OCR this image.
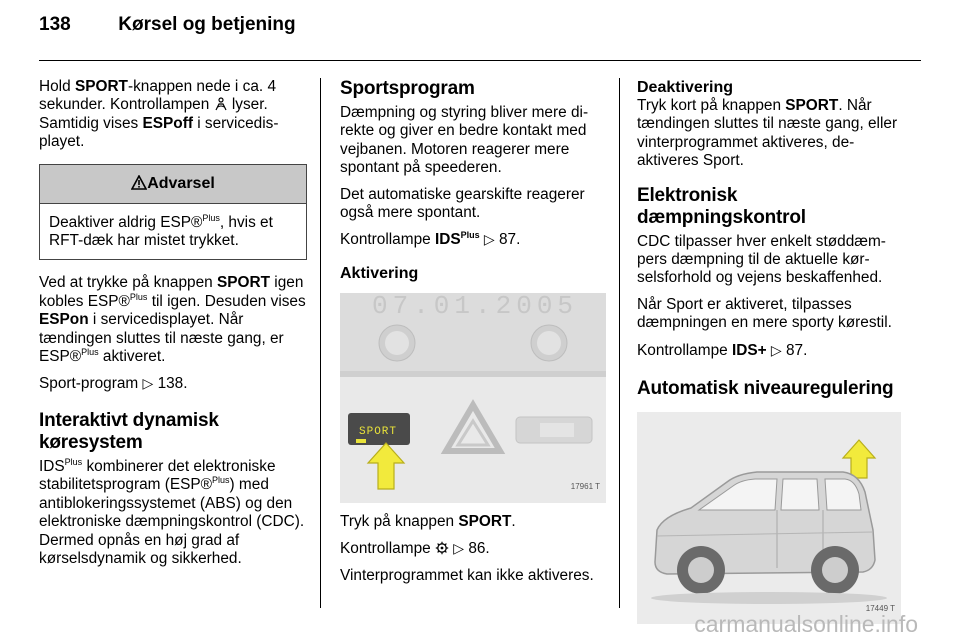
138	Kørsel og betjening

Hold SPORT-knappen nede i ca. 4 sekunder. Kontrollampen  lyser. Samtidig vises ESPoff i servicedisplayet.

Advarsel
Deaktiver aldrig ESP®$^{Plus}$, hvis et RFT-dæk har mistet trykket.

Ved at trykke på knappen SPORT igen kobles ESP®$^{Plus}$ til igen. Desuden vises ESPon i servicedisplayet. Når tændingen sluttes til næste gang, er ESP®$^{Plus}$ aktiveret.

Sport-program ▷ 138.

Interaktivt dynamisk køresystem

$IDS^{Plus}$ kombinerer det elektroniske stabilitetsprogram (ESP®$^{Plus}$) med antiblokeringssystemet (ABS) og den elektroniske dæmpningskontrol (CDC). Dermed opnås en høj grad af kørselsdynamik og sikkerhed.

Sportsprogram

Dæmpning og styring bliver mere direkte og giver en bedre kontakt med vejbanen. Motoren reagerer mere spontant på speederen.

Det automatiske gearskifte reagerer også mere spontant.

Kontrollampe $IDS^{Plus}$ ▷ 87.

Aktivering
07.01.2005
SPORT
17961 T

Tryk på knappen SPORT.

Kontrollampe  ▷ 86.

Vinterprogrammet kan ikke aktiveres.

Deaktivering

Tryk kort på knappen SPORT. Når tændingen sluttes til næste gang, eller vinterprogrammet aktiveres, deaktiveres Sport.

Elektronisk dæmpningskontrol

CDC tilpasser hver enkelt støddæmpers dæmpning til de aktuelle kørselsforhold og vejens beskaffenhed.

Når Sport er aktiveret, tilpasses dæmpningen en mere sporty kørestil.

Kontrollampe IDS+ ▷ 87.

Automatisk niveauregulering
17449 T
carmanualsonline.info
